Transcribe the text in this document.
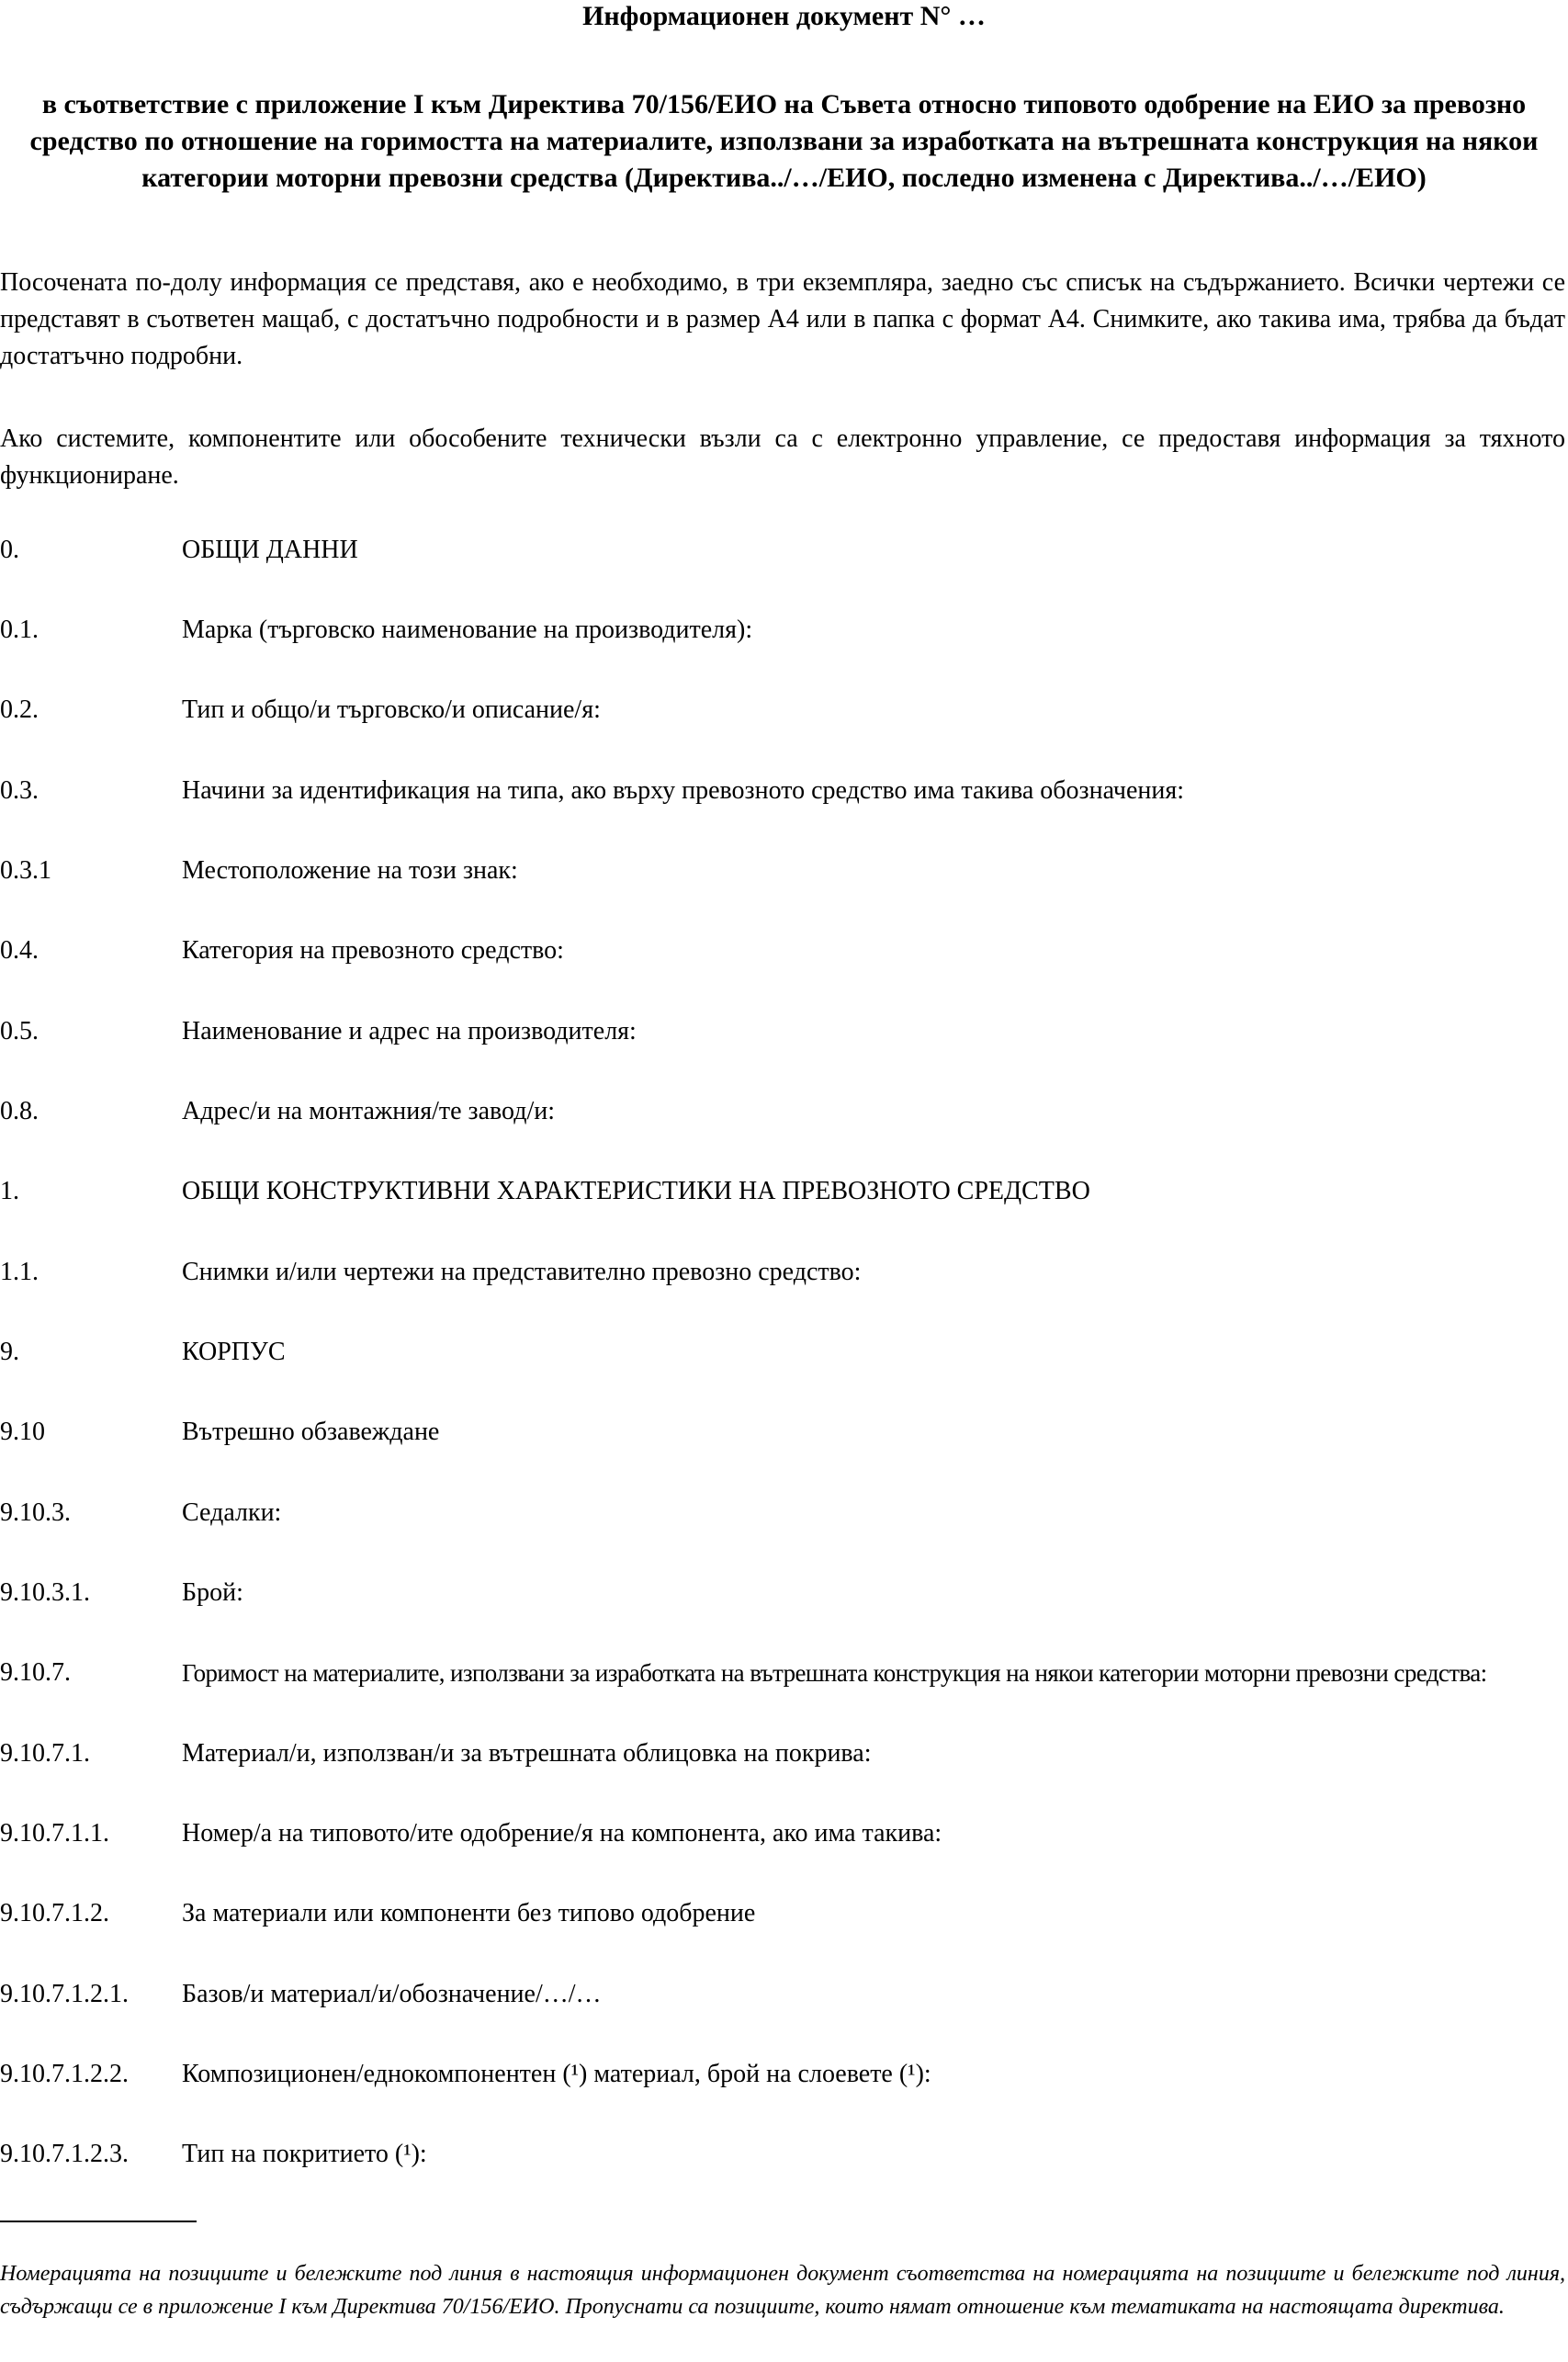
Информационен документ N° …
в съответствие с приложение I към Директива 70/156/ЕИО на Съвета относно типовото одобрение на ЕИО за превозно средство по отношение на горимостта на материалите, използвани за изработката на вътрешната конструкция на някои категории моторни превозни средства (Директива../…/ЕИО, последно изменена с Директива../…/ЕИО)
Посочената по-долу информация се представя, ако е необходимо, в три екземпляра, заедно със списък на съдържанието. Всички чертежи се представят в съответен мащаб, с достатъчно подробности и в размер А4 или в папка с формат А4. Снимките, ако такива има, трябва да бъдат достатъчно подробни.
Ако системите, компонентите или обособените технически възли са с електронно управление, се предоставя информация за тяхното функциониране.
0.	ОБЩИ ДАННИ
0.1.	Марка (търговско наименование на производителя):
0.2.	Тип и общо/и търговско/и описание/я:
0.3.	Начини за идентификация на типа, ако върху превозното средство има такива обозначения:
0.3.1	Местоположение на този знак:
0.4.	Категория на превозното средство:
0.5.	Наименование и адрес на производителя:
0.8.	Адрес/и на монтажния/те завод/и:
1.	ОБЩИ КОНСТРУКТИВНИ ХАРАКТЕРИСТИКИ НА ПРЕВОЗНОТО СРЕДСТВО
1.1.	Снимки и/или чертежи на представително превозно средство:
9.	КОРПУС
9.10	Вътрешно обзавеждане
9.10.3.	Седалки:
9.10.3.1.	Брой:
9.10.7.	Горимост на материалите, използвани за изработката на вътрешната конструкция на някои категории моторни превозни средства:
9.10.7.1.	Материал/и, използван/и за вътрешната облицовка на покрива:
9.10.7.1.1.	Номер/а на типовото/ите одобрение/я на компонента, ако има такива:
9.10.7.1.2.	За материали или компоненти без типово одобрение
9.10.7.1.2.1. Базов/и материал/и/обозначение/…/…
9.10.7.1.2.2. Композиционен/еднокомпонентен (¹) материал, брой на слоевете (¹):
9.10.7.1.2.3. Тип на покритието (¹):
Номерацията на позициите и бележките под линия в настоящия информационен документ съответства на номерацията на позициите и бележките под линия, съдържащи се в приложение I към Директива 70/156/ЕИО. Пропуснати са позициите, които нямат отношение към тематиката на настоящата директива.
